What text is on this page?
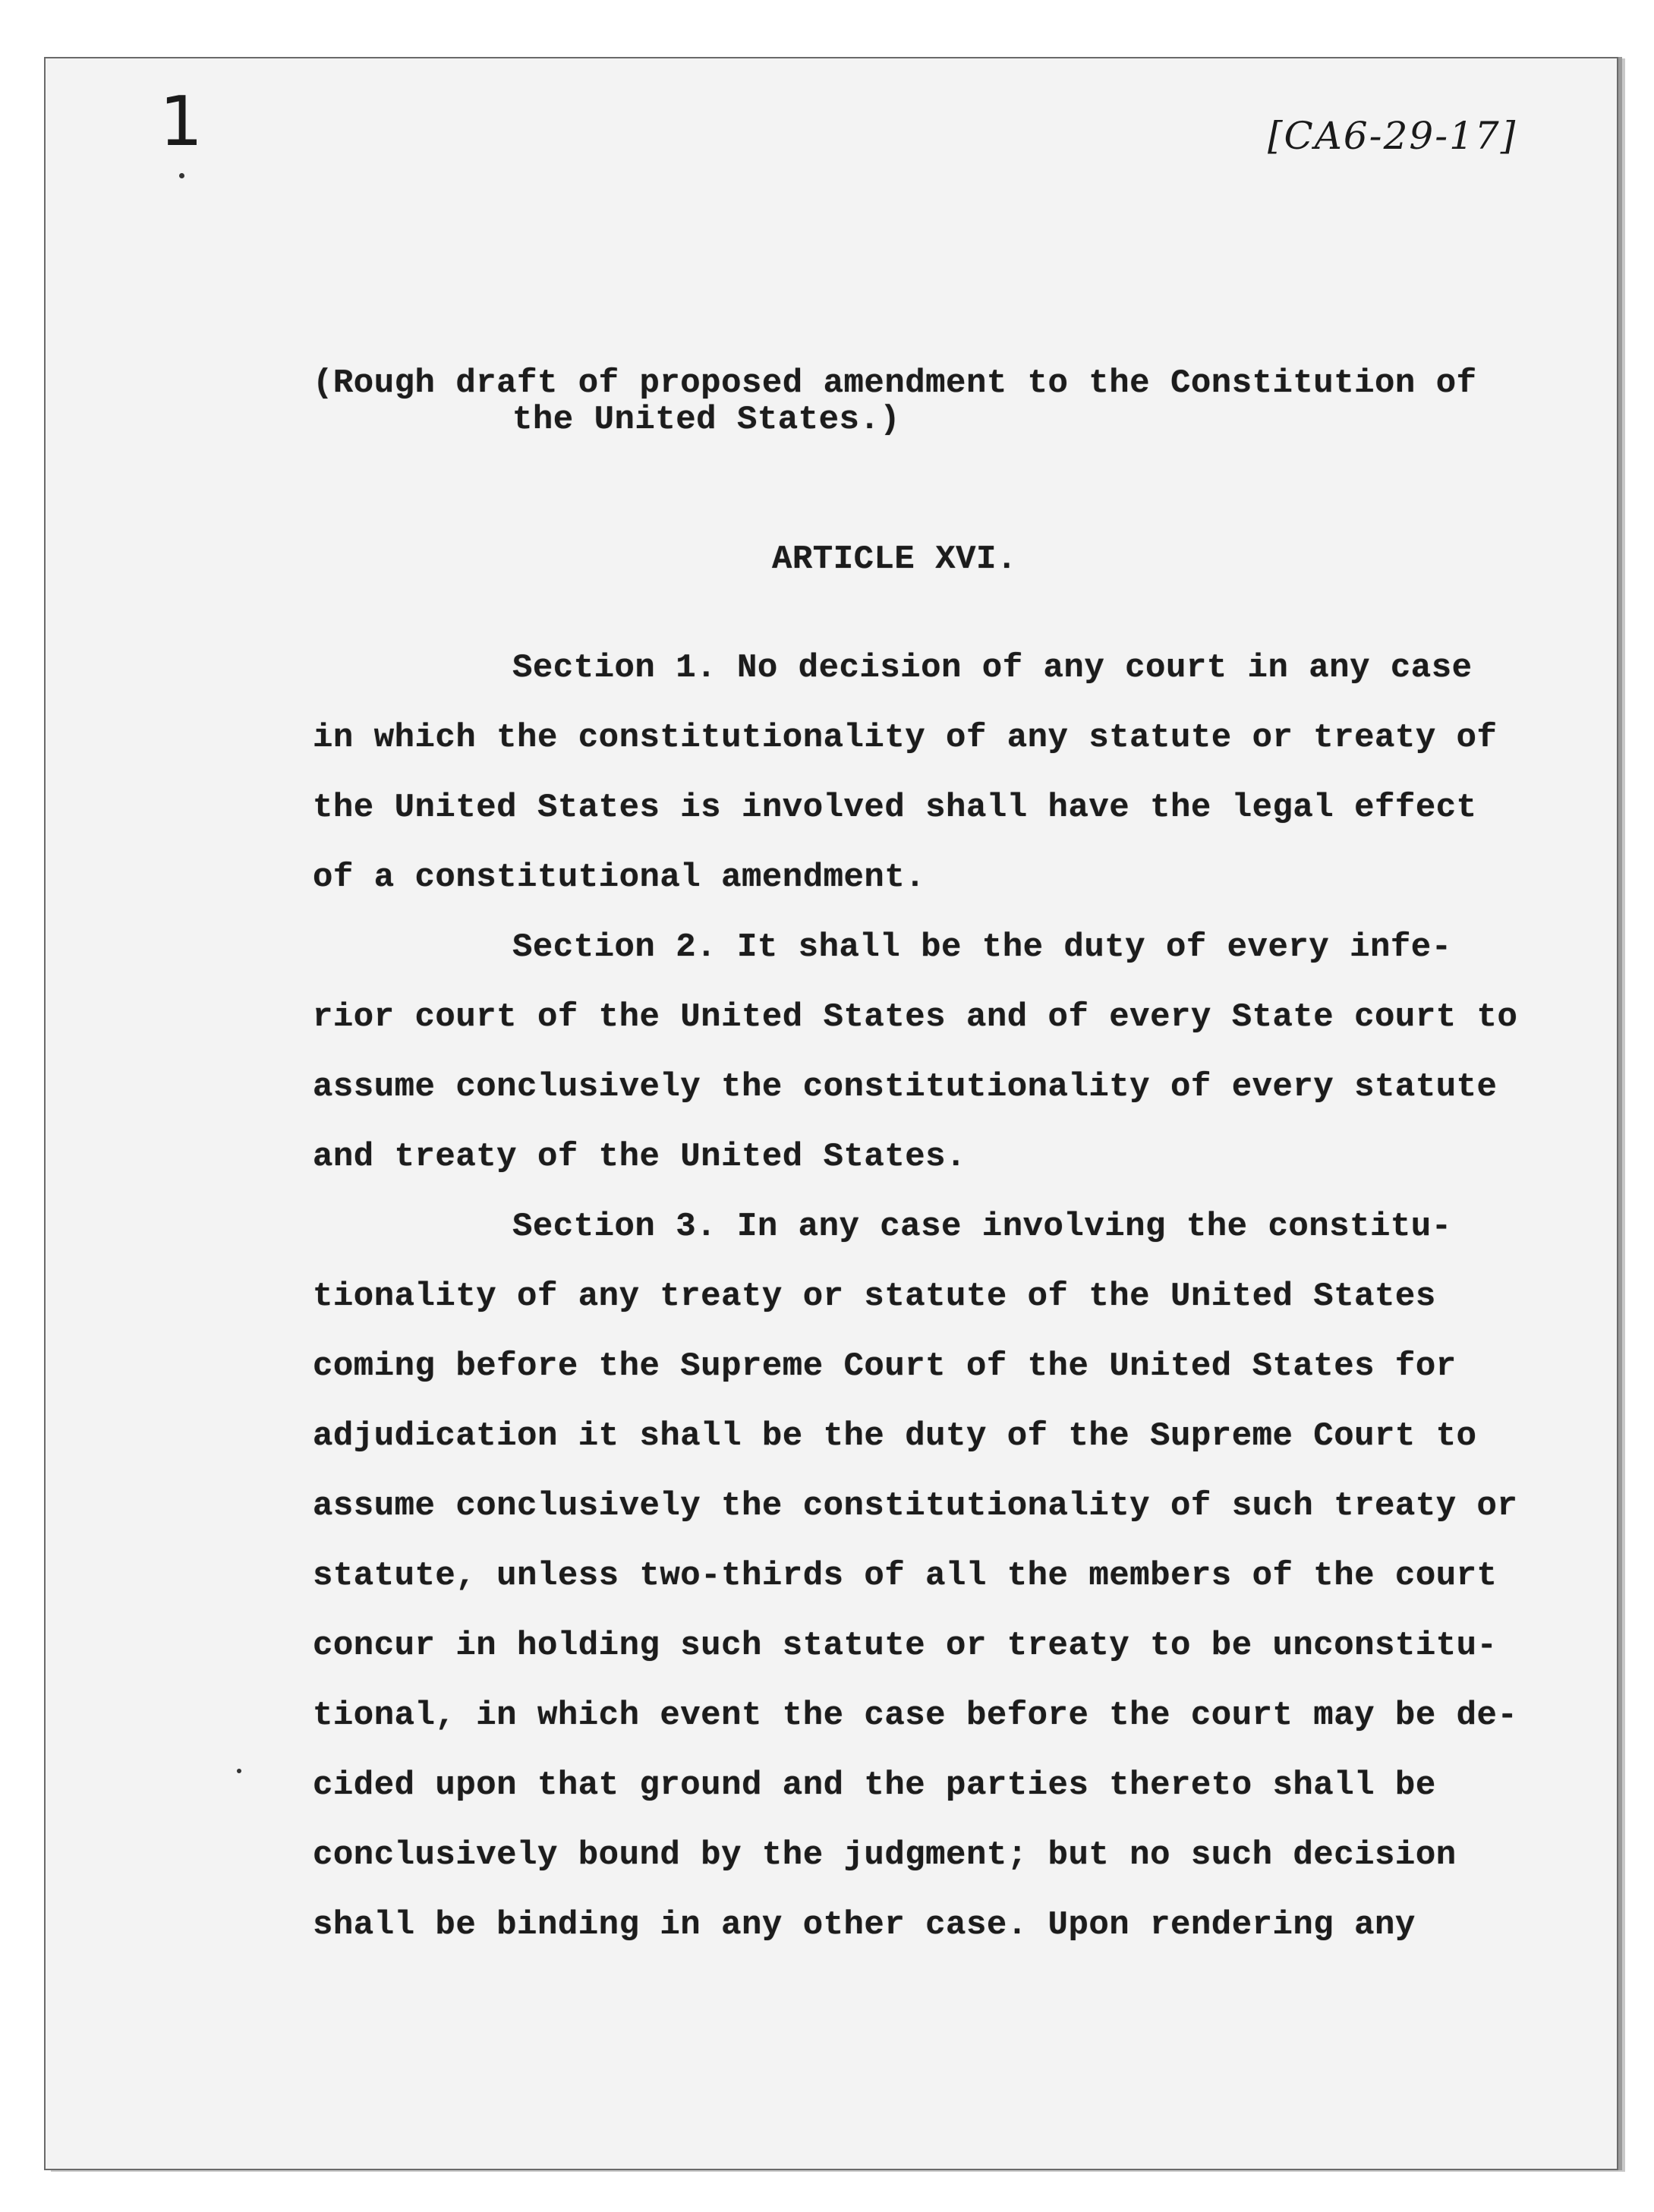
1	[CA6-29-17]
(Rough draft of proposed amendment to the Constitution of
the United States.)
ARTICLE XVI.
Section 1. No decision of any court in any case
in which the constitutionality of any statute or treaty of
the United States is involved shall have the legal effect
of a constitutional amendment.
Section 2. It shall be the duty of every infe-
rior court of the United States and of every State court to
assume conclusively the constitutionality of every statute
and treaty of the United States.
Section 3. In any case involving the constitu-
tionality of any treaty or statute of the United States
coming before the Supreme Court of the United States for
adjudication it shall be the duty of the Supreme Court to
assume conclusively the constitutionality of such treaty or
statute, unless two-thirds of all the members of the court
concur in holding such statute or treaty to be unconstitu-
tional, in which event the case before the court may be de-
cided upon that ground and the parties thereto shall be
conclusively bound by the judgment; but no such decision
shall be binding in any other case. Upon rendering any
